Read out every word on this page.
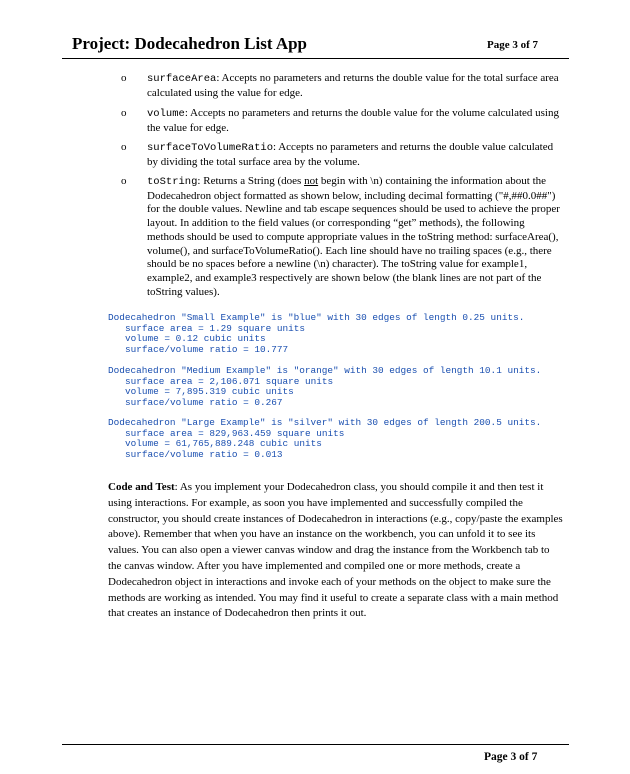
Project: Dodecahedron List App	Page 3 of 7
o surfaceArea: Accepts no parameters and returns the double value for the total surface area calculated using the value for edge.
o volume: Accepts no parameters and returns the double value for the volume calculated using the value for edge.
o surfaceToVolumeRatio: Accepts no parameters and returns the double value calculated by dividing the total surface area by the volume.
o toString: Returns a String (does not begin with \n) containing the information about the Dodecahedron object formatted as shown below, including decimal formatting ("#,##0.0##") for the double values. Newline and tab escape sequences should be used to achieve the proper layout. In addition to the field values (or corresponding “get” methods), the following methods should be used to compute appropriate values in the toString method: surfaceArea(), volume(), and surfaceToVolumeRatio(). Each line should have no trailing spaces (e.g., there should be no spaces before a newline (\n) character). The toString value for example1, example2, and example3 respectively are shown below (the blank lines are not part of the toString values).
Dodecahedron "Small Example" is "blue" with 30 edges of length 0.25 units.
surface area = 1.29 square units
volume = 0.12 cubic units
surface/volume ratio = 10.777
Dodecahedron "Medium Example" is "orange" with 30 edges of length 10.1 units.
surface area = 2,106.071 square units
volume = 7,895.319 cubic units
surface/volume ratio = 0.267
Dodecahedron "Large Example" is "silver" with 30 edges of length 200.5 units.
surface area = 829,963.459 square units
volume = 61,765,889.248 cubic units
surface/volume ratio = 0.013
Code and Test: As you implement your Dodecahedron class, you should compile it and then test it using interactions. For example, as soon you have implemented and successfully compiled the constructor, you should create instances of Dodecahedron in interactions (e.g., copy/paste the examples above). Remember that when you have an instance on the workbench, you can unfold it to see its values. You can also open a viewer canvas window and drag the instance from the Workbench tab to the canvas window. After you have implemented and compiled one or more methods, create a Dodecahedron object in interactions and invoke each of your methods on the object to make sure the methods are working as intended. You may find it useful to create a separate class with a main method that creates an instance of Dodecahedron then prints it out.
Page 3 of 7
